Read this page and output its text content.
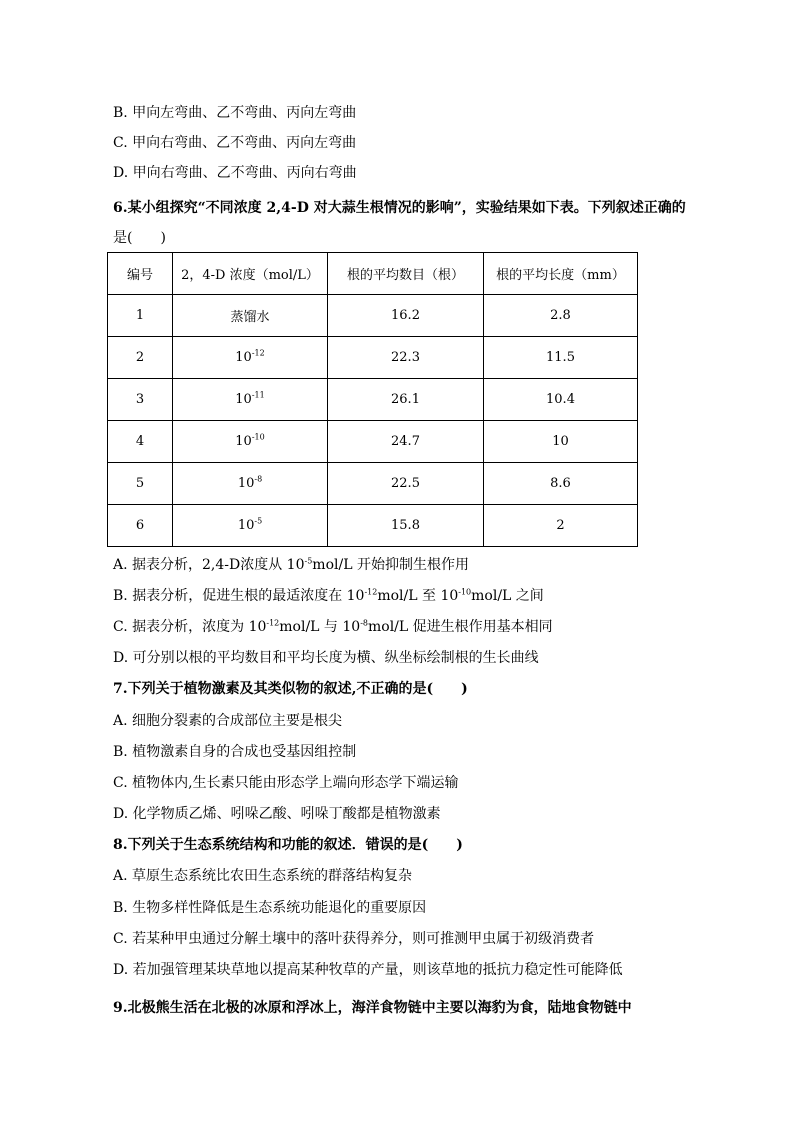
B. 甲向左弯曲、乙不弯曲、丙向左弯曲
C. 甲向右弯曲、乙不弯曲、丙向左弯曲
D. 甲向右弯曲、乙不弯曲、丙向右弯曲
6.某小组探究“不同浓度 2,4-D 对大蒜生根情况的影响”，实验结果如下表。下列叙述正确的
是(　　)
编号	2，4-D 浓度（mol/L）	根的平均数目（根）	根的平均长度（mm）
1	蒸馏水	16.2	2.8
2	$10^{-12}$	22.3	11.5
3	$10^{-11}$	26.1	10.4
4	$10^{-10}$	24.7	10
5	$10^{-8}$	22.5	8.6
6	$10^{-5}$	15.8	2
A. 据表分析，2,4-D浓度从 $10^{-5}mol/L$ 开始抑制生根作用
B. 据表分析，促进生根的最适浓度在 $10^{-12}mol/L$ 至 $10^{-10}mol/L$ 之间
C. 据表分析，浓度为 $10^{-12}mol/L$ 与 $10^{-8}mol/L$ 促进生根作用基本相同
D. 可分别以根的平均数目和平均长度为横、纵坐标绘制根的生长曲线
7.下列关于植物激素及其类似物的叙述,不正确的是(　　)
A. 细胞分裂素的合成部位主要是根尖
B. 植物激素自身的合成也受基因组控制
C. 植物体内,生长素只能由形态学上端向形态学下端运输
D. 化学物质乙烯、吲哚乙酸、吲哚丁酸都是植物激素
8.下列关于生态系统结构和功能的叙述．错误的是(　　)
A. 草原生态系统比农田生态系统的群落结构复杂
B. 生物多样性降低是生态系统功能退化的重要原因
C. 若某种甲虫通过分解土壤中的落叶获得养分，则可推测甲虫属于初级消费者
D. 若加强管理某块草地以提高某种牧草的产量，则该草地的抵抗力稳定性可能降低
9.北极熊生活在北极的冰原和浮冰上，海洋食物链中主要以海豹为食，陆地食物链中
